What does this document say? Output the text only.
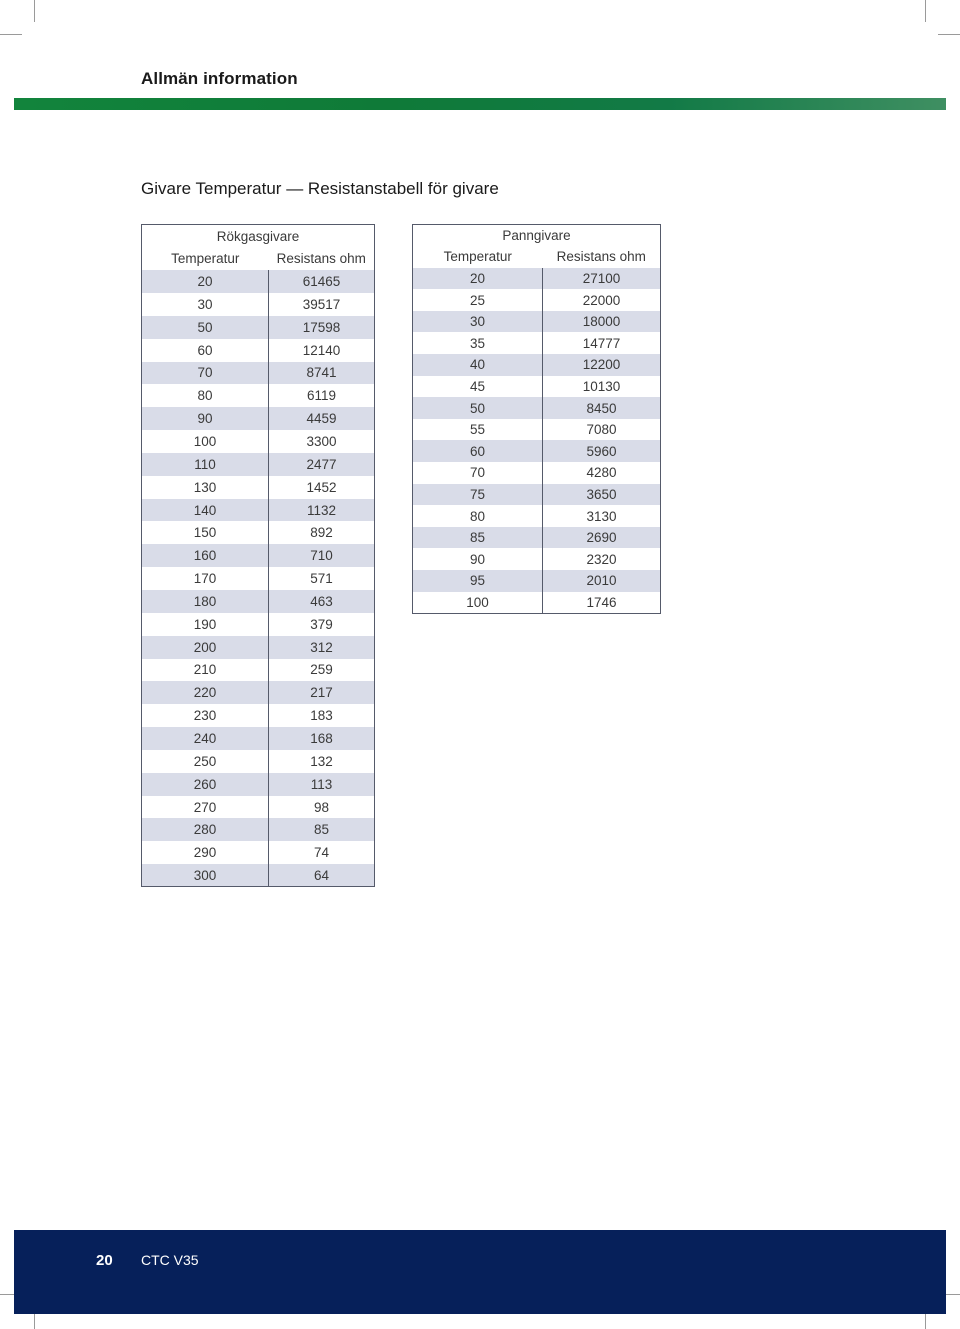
Allmän information
Givare Temperatur — Resistanstabell för givare
Rökgasgivare	
Temperatur	Resistans ohm
20	61465
30	39517
50	17598
60	12140
70	8741
80	6119
90	4459
100	3300
110	2477
130	1452
140	1132
150	892
160	710
170	571
180	463
190	379
200	312
210	259
220	217
230	183
240	168
250	132
260	113
270	98
280	85
290	74
300	64
Panngivare	
Temperatur	Resistans ohm
20	27100
25	22000
30	18000
35	14777
40	12200
45	10130
50	8450
55	7080
60	5960
70	4280
75	3650
80	3130
85	2690
90	2320
95	2010
100	1746
20 CTC V35
